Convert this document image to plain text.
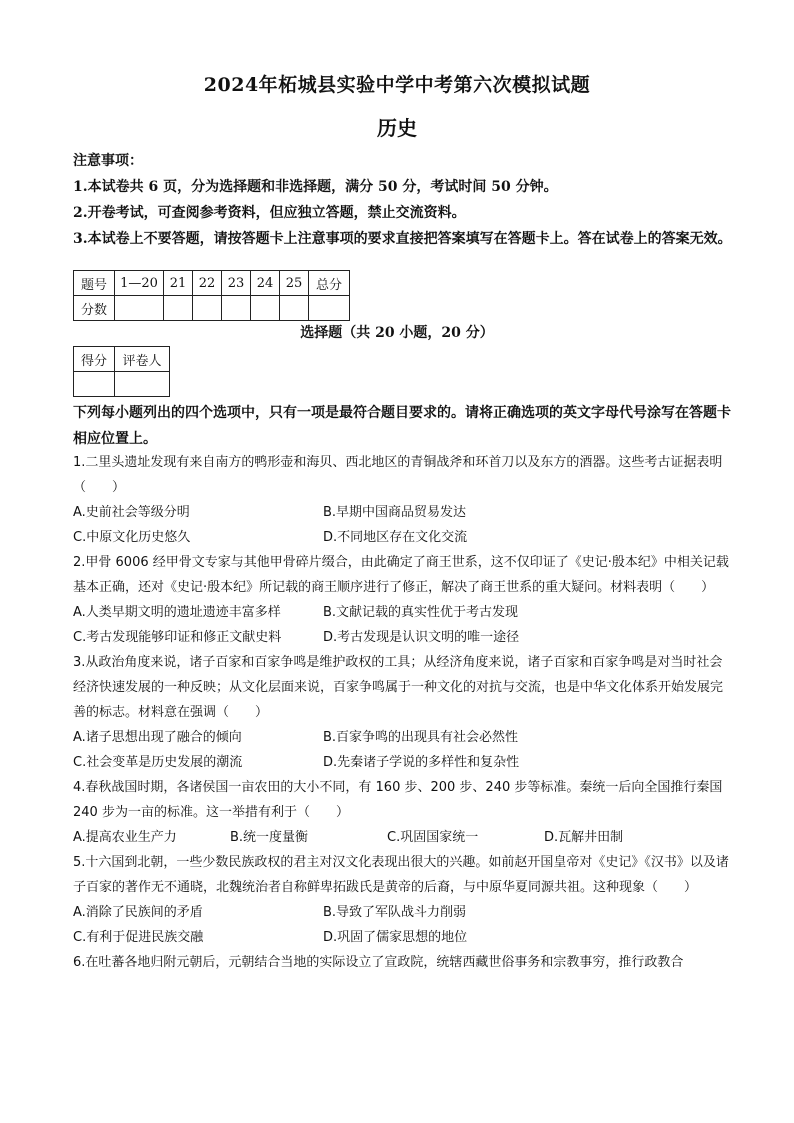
2024年柘城县实验中学中考第六次模拟试题
历史

注意事项：

1.本试卷共 6 页，分为选择题和非选择题，满分 50 分，考试时间 50 分钟。

2.开卷考试，可查阅参考资料，但应独立答题，禁止交流资料。

3.本试卷上不要答题，请按答题卡上注意事项的要求直接把答案填写在答题卡上。答在试卷上的答案无效。

题号	1—20	21	22	23	24	25	总分
分数							
选择题（共 20 小题，20 分）
得分	评卷人

下列每小题列出的四个选项中，只有一项是最符合题目要求的。请将正确选项的英文字母代号涂写在答题卡相应位置上。

1.二里头遗址发现有来自南方的鸭形壶和海贝、西北地区的青铜战斧和环首刀以及东方的酒器。这些考古证据表明（　　）

A.史前社会等级分明	B.早期中国商品贸易发达
C.中原文化历史悠久	D.不同地区存在文化交流

2.甲骨 6006 经甲骨文专家与其他甲骨碎片缀合，由此确定了商王世系，这不仅印证了《史记·殷本纪》中相关记载基本正确，还对《史记·殷本纪》所记载的商王顺序进行了修正，解决了商王世系的重大疑问。材料表明（　　）

A.人类早期文明的遗址遗迹丰富多样	B.文献记载的真实性优于考古发现
C.考古发现能够印证和修正文献史料	D.考古发现是认识文明的唯一途径

3.从政治角度来说，诸子百家和百家争鸣是维护政权的工具；从经济角度来说，诸子百家和百家争鸣是对当时社会经济快速发展的一种反映；从文化层面来说，百家争鸣属于一种文化的对抗与交流，也是中华文化体系开始发展完善的标志。材料意在强调（　　）

A.诸子思想出现了融合的倾向	B.百家争鸣的出现具有社会必然性
C.社会变革是历史发展的潮流	D.先秦诸子学说的多样性和复杂性

4.春秋战国时期，各诸侯国一亩农田的大小不同，有 160 步、200 步、240 步等标准。秦统一后向全国推行秦国 240 步为一亩的标准。这一举措有利于（　　）

A.提高农业生产力	B.统一度量衡	C.巩固国家统一	D.瓦解井田制

5.十六国到北朝，一些少数民族政权的君主对汉文化表现出很大的兴趣。如前赵开国皇帝对《史记》《汉书》以及诸子百家的著作无不通晓，北魏统治者自称鲜卑拓跋氏是黄帝的后裔，与中原华夏同源共祖。这种现象（　　）

A.消除了民族间的矛盾	B.导致了军队战斗力削弱
C.有利于促进民族交融	D.巩固了儒家思想的地位

6.在吐蕃各地归附元朝后，元朝结合当地的实际设立了宣政院，统辖西藏世俗事务和宗教事穷，推行政教合
